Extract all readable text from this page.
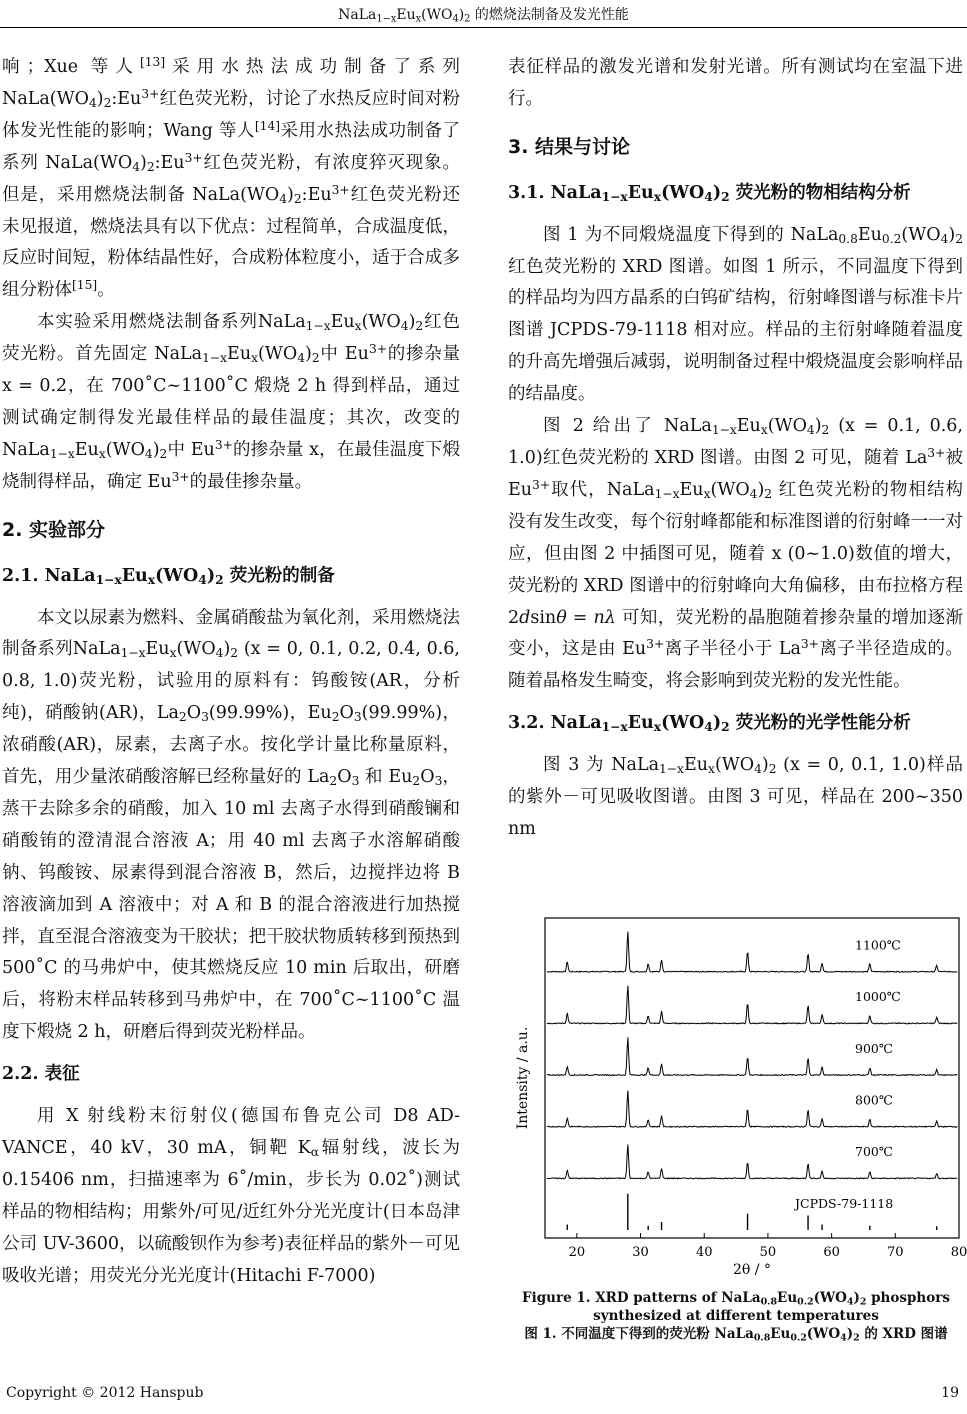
$NaLa_{1-x}Eu_x(WO_4)_2$ 的燃烧法制备及发光性能

响；Xue 等人[13]采用水热法成功制备了系列 $NaLa(WO_4)_2:Eu^{3+}$红色荧光粉，讨论了水热反应时间对粉体发光性能的影响；Wang 等人[14]采用水热法成功制备了系列 $NaLa(WO_4)_2:Eu^{3+}$红色荧光粉，有浓度猝灭现象。但是，采用燃烧法制备 $NaLa(WO_4)_2:Eu^{3+}$红色荧光粉还未见报道，燃烧法具有以下优点：过程简单，合成温度低，反应时间短，粉体结晶性好，合成粉体粒度小，适于合成多组分粉体[15]。

本实验采用燃烧法制备系列$NaLa_{1-x}Eu_x(WO_4)_2$红色荧光粉。首先固定 $NaLa_{1-x}Eu_x(WO_4)_2$中 $Eu^{3+}$的掺杂量 x = 0.2，在 700˚C~1100˚C 煅烧 2 h 得到样品，通过测试确定制得发光最佳样品的最佳温度；其次，改变的 $NaLa_{1-x}Eu_x(WO_4)_2$中 $Eu^{3+}$的掺杂量 x，在最佳温度下煅烧制得样品，确定 $Eu^{3+}$的最佳掺杂量。

2. 实验部分
2.1. $NaLa_{1-x}Eu_x(WO_4)_2$ 荧光粉的制备

本文以尿素为燃料、金属硝酸盐为氧化剂，采用燃烧法制备系列$NaLa_{1-x}Eu_x(WO_4)_2$ (x = 0, 0.1, 0.2, 0.4, 0.6, 0.8, 1.0)荧光粉，试验用的原料有：钨酸铵(AR，分析纯)，硝酸钠(AR)，$La_2O_3(99.99\%)$，$Eu_2O_3(99.99\%)$，浓硝酸(AR)，尿素，去离子水。按化学计量比称量原料，首先，用少量浓硝酸溶解已经称量好的 $La_2O_3$ 和 $Eu_2O_3$，蒸干去除多余的硝酸，加入 10 ml 去离子水得到硝酸镧和硝酸铕的澄清混合溶液 A；用 40 ml 去离子水溶解硝酸钠、钨酸铵、尿素得到混合溶液 B，然后，边搅拌边将 B 溶液滴加到 A 溶液中；对 A 和 B 的混合溶液进行加热搅拌，直至混合溶液变为干胶状；把干胶状物质转移到预热到 500˚C 的马弗炉中，使其燃烧反应 10 min 后取出，研磨后，将粉末样品转移到马弗炉中，在 700˚C~1100˚C 温度下煅烧 2 h，研磨后得到荧光粉样品。

2.2. 表征

用 X 射线粉末衍射仪(德国布鲁克公司 D8 AD-VANCE，40 kV，30 mA，铜靶 $K_\alpha$辐射线，波长为 0.15406 nm，扫描速率为 6˚/min，步长为 0.02˚)测试样品的物相结构；用紫外/可见/近红外分光光度计(日本岛津公司 UV-3600，以硫酸钡作为参考)表征样品的紫外－可见吸收光谱；用荧光分光光度计(Hitachi F-7000)

表征样品的激发光谱和发射光谱。所有测试均在室温下进行。

3. 结果与讨论
3.1. $NaLa_{1-x}Eu_x(WO_4)_2$ 荧光粉的物相结构分析

图 1 为不同煅烧温度下得到的 $NaLa_{0.8}Eu_{0.2}(WO_4)_2$红色荧光粉的 XRD 图谱。如图 1 所示，不同温度下得到的样品均为四方晶系的白钨矿结构，衍射峰图谱与标准卡片图谱 JCPDS-79-1118 相对应。样品的主衍射峰随着温度的升高先增强后减弱，说明制备过程中煅烧温度会影响样品的结晶度。

图 2 给出了 $NaLa_{1-x}Eu_x(WO_4)_2$ (x = 0.1, 0.6, 1.0)红色荧光粉的 XRD 图谱。由图 2 可见，随着 $La^{3+}$被 $Eu^{3+}$取代，$NaLa_{1-x}Eu_x(WO_4)_2$ 红色荧光粉的物相结构没有发生改变，每个衍射峰都能和标准图谱的衍射峰一一对应，但由图 2 中插图可见，随着 x (0~1.0)数值的增大，荧光粉的 XRD 图谱中的衍射峰向大角偏移，由布拉格方程 2dsinθ = nλ 可知，荧光粉的晶胞随着掺杂量的增加逐渐变小，这是由 $Eu^{3+}$离子半径小于 $La^{3+}$离子半径造成的。随着晶格发生畸变，将会影响到荧光粉的发光性能。

3.2. $NaLa_{1-x}Eu_x(WO_4)_2$ 荧光粉的光学性能分析

图 3 为 $NaLa_{1-x}Eu_x(WO_4)_2$ (x = 0, 0.1, 1.0)样品的紫外－可见吸收图谱。由图 3 可见，样品在 200~350 nm

20	30	40	50	60	70	80
2θ / °
Intensity / a.u.
1100℃
1000℃
900℃
800℃
700℃
JCPDS-79-1118
Figure 1. XRD patterns of $NaLa_{0.8}Eu_{0.2}(WO_4)_2$ phosphors synthesized at different temperatures
图 1. 不同温度下得到的荧光粉 $NaLa_{0.8}Eu_{0.2}(WO_4)_2$ 的 XRD 图谱
Copyright © 2012 Hanspub	19
